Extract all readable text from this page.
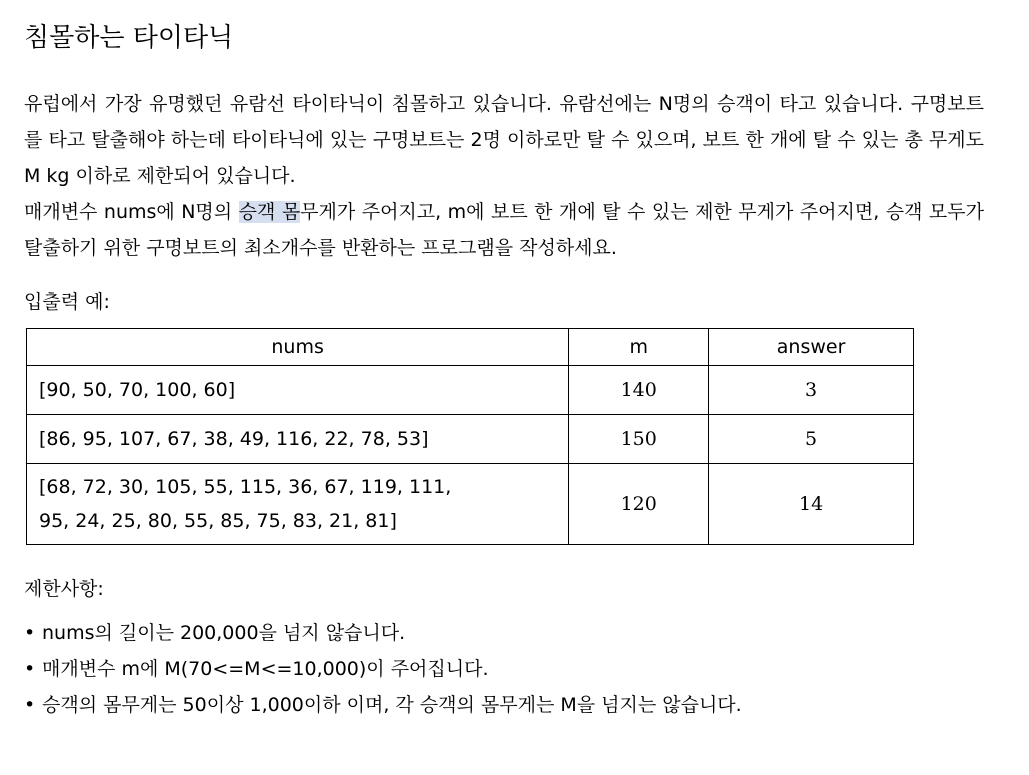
침몰하는 타이타닉

유럽에서 가장 유명했던 유람선 타이타닉이 침몰하고 있습니다. 유람선에는 N명의 승객이 타고 있습니다. 구명보트를 타고 탈출해야 하는데 타이타닉에 있는 구명보트는 2명 이하로만 탈 수 있으며, 보트 한 개에 탈 수 있는 총 무게도 M kg 이하로 제한되어 있습니다.

매개변수 nums에 N명의 승객 몸무게가 주어지고, m에 보트 한 개에 탈 수 있는 제한 무게가 주어지면, 승객 모두가 탈출하기 위한 구명보트의 최소개수를 반환하는 프로그램을 작성하세요.

입출력 예:
nums	m	answer
[90, 50, 70, 100, 60]	140	3
[86, 95, 107, 67, 38, 49, 116, 22, 78, 53]	150	5
[68, 72, 30, 105, 55, 115, 36, 67, 119, 111,
95, 24, 25, 80, 55, 85, 75, 83, 21, 81]	120	14
제한사항:
• nums의 길이는 200,000을 넘지 않습니다.
• 매개변수 m에 M(70<=M<=10,000)이 주어집니다.
• 승객의 몸무게는 50이상 1,000이하 이며, 각 승객의 몸무게는 M을 넘지는 않습니다.
